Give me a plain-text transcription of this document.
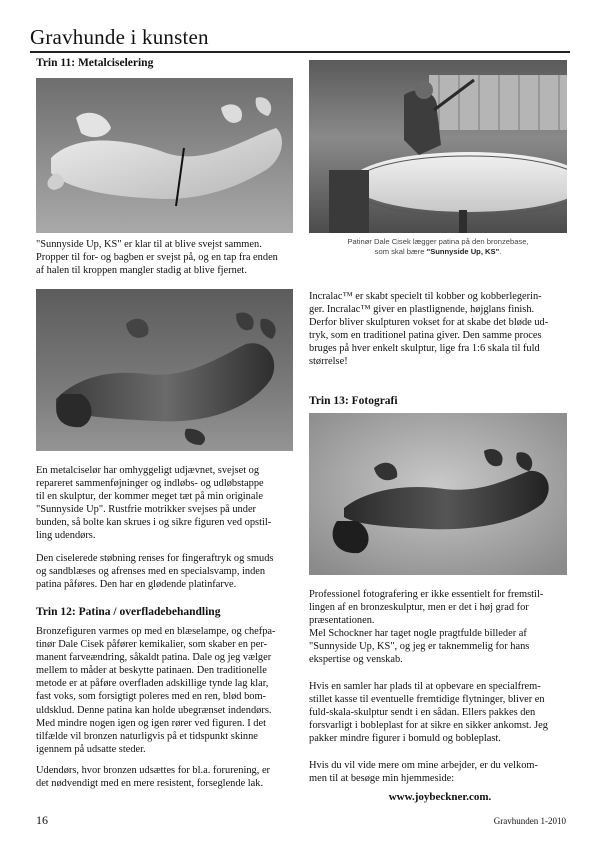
Gravhunde i kunsten
Trin 11: Metalciselering
"Sunnyside Up, KS" er klar til at blive svejst sammen.
Propper til for- og bagben er svejst på, og en tap fra enden
af halen til kroppen mangler stadig at blive fjernet.
En metalciselør har omhyggeligt udjævnet, svejset og
repareret sammenføjninger og indløbs- og udløbstappe
til en skulptur, der kommer meget tæt på min originale
"Sunnyside Up". Rustfrie motrikker svejses på under
bunden, så bolte kan skrues i og sikre figuren ved opstil-
ling udendørs.
Den ciselerede støbning renses for fingeraftryk og smuds
og sandblæses og afrenses med en specialsvamp, inden
patina påføres. Den har en glødende platinfarve.
Trin 12: Patina / overfladebehandling
Bronzefiguren varmes op med en blæselampe, og chefpa-
tinør Dale Cisek påfører kemikalier, som skaber en per-
manent farveændring, såkaldt patina. Dale og jeg vælger
mellem to måder at beskytte patinaen. Den traditionelle
metode er at påføre overfladen adskillige tynde lag klar,
fast voks, som forsigtigt poleres med en ren, blød bom-
uldsklud. Denne patina kan holde ubegrænset indendørs.
Med mindre nogen igen og igen rører ved figuren. I det
tilfælde vil bronzen naturligvis på et tidspunkt skinne
igennem på udsatte steder.
Udendørs, hvor bronzen udsættes for bl.a. forurening, er
det nødvendigt med en mere resistent, forseglende lak.
Patinør Dale Cisek lægger patina på den bronzebase,
som skal bære "Sunnyside Up, KS".
Incralac™ er skabt specielt til kobber og kobberlegerin-
ger. Incralac™ giver en plastlignende, højglans finish.
Derfor bliver skulpturen vokset for at skabe det bløde ud-
tryk, som en traditionel patina giver. Den samme proces
bruges på hver enkelt skulptur, lige fra 1:6 skala til fuld
størrelse!
Trin 13: Fotografi
Professionel fotografering er ikke essentielt for fremstil-
lingen af en bronzeskulptur, men er det i høj grad for
præsentationen.
Mel Schockner har taget nogle pragtfulde billeder af
"Sunnyside Up, KS", og jeg er taknemmelig for hans
ekspertise og venskab.
Hvis en samler har plads til at opbevare en specialfrem-
stillet kasse til eventuelle fremtidige flytninger, bliver en
fuld-skala-skulptur sendt i en sådan. Ellers pakkes den
forsvarligt i bobleplast for at sikre en sikker ankomst. Jeg
pakker mindre figurer i bomuld og bobleplast.
Hvis du vil vide mere om mine arbejder, er du velkom-
men til at besøge min hjemmeside:
www.joybeckner.com.
16	Gravhunden 1-2010
